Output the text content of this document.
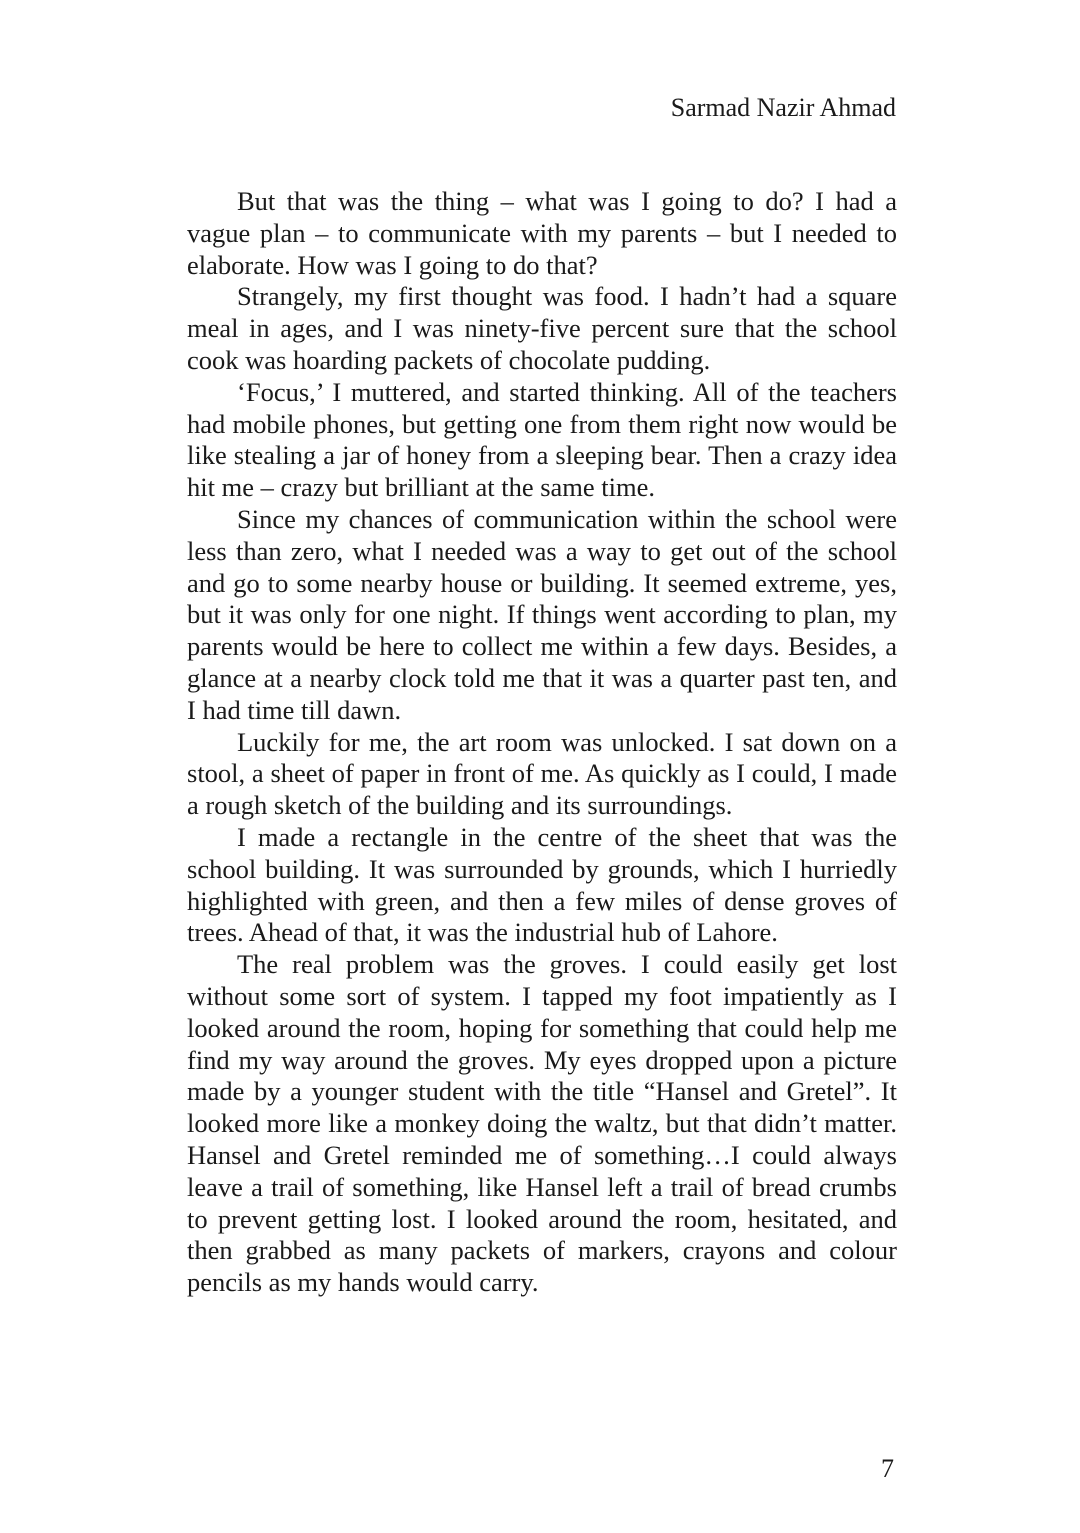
Sarmad Nazir Ahmad

But that was the thing – what was I going to do? I had a vague plan – to communicate with my parents – but I needed to elaborate. How was I going to do that?

Strangely, my first thought was food. I hadn’t had a square meal in ages, and I was ninety-five percent sure that the school cook was hoarding packets of chocolate pudding.

‘Focus,’ I muttered, and started thinking. All of the teachers had mobile phones, but getting one from them right now would be like stealing a jar of honey from a sleeping bear. Then a crazy idea hit me – crazy but brilliant at the same time.

Since my chances of communication within the school were less than zero, what I needed was a way to get out of the school and go to some nearby house or building. It seemed extreme, yes, but it was only for one night. If things went according to plan, my parents would be here to collect me within a few days. Besides, a glance at a nearby clock told me that it was a quarter past ten, and I had time till dawn.

Luckily for me, the art room was unlocked. I sat down on a stool, a sheet of paper in front of me. As quickly as I could, I made a rough sketch of the building and its surroundings.

I made a rectangle in the centre of the sheet that was the school building. It was surrounded by grounds, which I hurriedly highlighted with green, and then a few miles of dense groves of trees. Ahead of that, it was the industrial hub of Lahore.

The real problem was the groves. I could easily get lost without some sort of system. I tapped my foot impatiently as I looked around the room, hoping for something that could help me find my way around the groves. My eyes dropped upon a picture made by a younger student with the title “Hansel and Gretel”. It looked more like a monkey doing the waltz, but that didn’t matter. Hansel and Gretel reminded me of something…I could always leave a trail of something, like Hansel left a trail of bread crumbs to prevent getting lost. I looked around the room, hesitated, and then grabbed as many packets of markers, crayons and colour pencils as my hands would carry.

7
